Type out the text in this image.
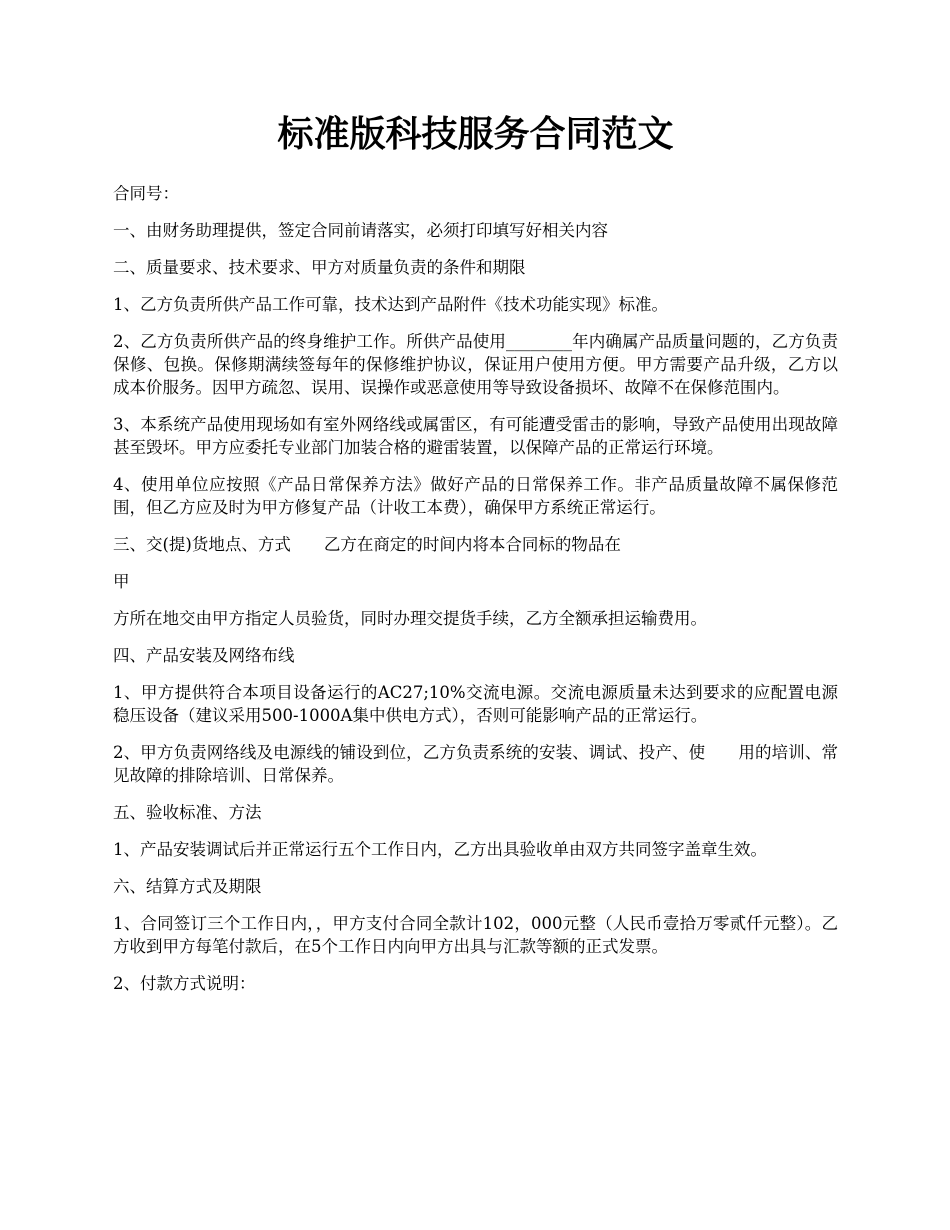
标准版科技服务合同范文

合同号：

一、由财务助理提供，签定合同前请落实，必须打印填写好相关内容

二、质量要求、技术要求、甲方对质量负责的条件和期限

1、乙方负责所供产品工作可靠，技术达到产品附件《技术功能实现》标准。

2、乙方负责所供产品的终身维护工作。所供产品使用________年内确属产品质量问题的，乙方负责保修、包换。保修期满续签每年的保修维护协议，保证用户使用方便。甲方需要产品升级，乙方以成本价服务。因甲方疏忽、误用、误操作或恶意使用等导致设备损坏、故障不在保修范围内。

3、本系统产品使用现场如有室外网络线或属雷区，有可能遭受雷击的影响，导致产品使用出现故障甚至毁坏。甲方应委托专业部门加装合格的避雷装置，以保障产品的正常运行环境。

4、使用单位应按照《产品日常保养方法》做好产品的日常保养工作。非产品质量故障不属保修范围，但乙方应及时为甲方修复产品（计收工本费），确保甲方系统正常运行。

三、交(提)货地点、方式　　乙方在商定的时间内将本合同标的物品在

甲

方所在地交由甲方指定人员验货，同时办理交提货手续，乙方全额承担运输费用。

四、产品安装及网络布线

1、甲方提供符合本项目设备运行的AC27;10%交流电源。交流电源质量未达到要求的应配置电源稳压设备（建议采用500-1000A集中供电方式），否则可能影响产品的正常运行。

2、甲方负责网络线及电源线的铺设到位，乙方负责系统的安装、调试、投产、使　　用的培训、常见故障的排除培训、日常保养。

五、验收标准、方法

1、产品安装调试后并正常运行五个工作日内，乙方出具验收单由双方共同签字盖章生效。

六、结算方式及期限

1、合同签订三个工作日内，，甲方支付合同全款计102，000元整（人民币壹拾万零贰仟元整）。乙方收到甲方每笔付款后，在5个工作日内向甲方出具与汇款等额的正式发票。

2、付款方式说明：
